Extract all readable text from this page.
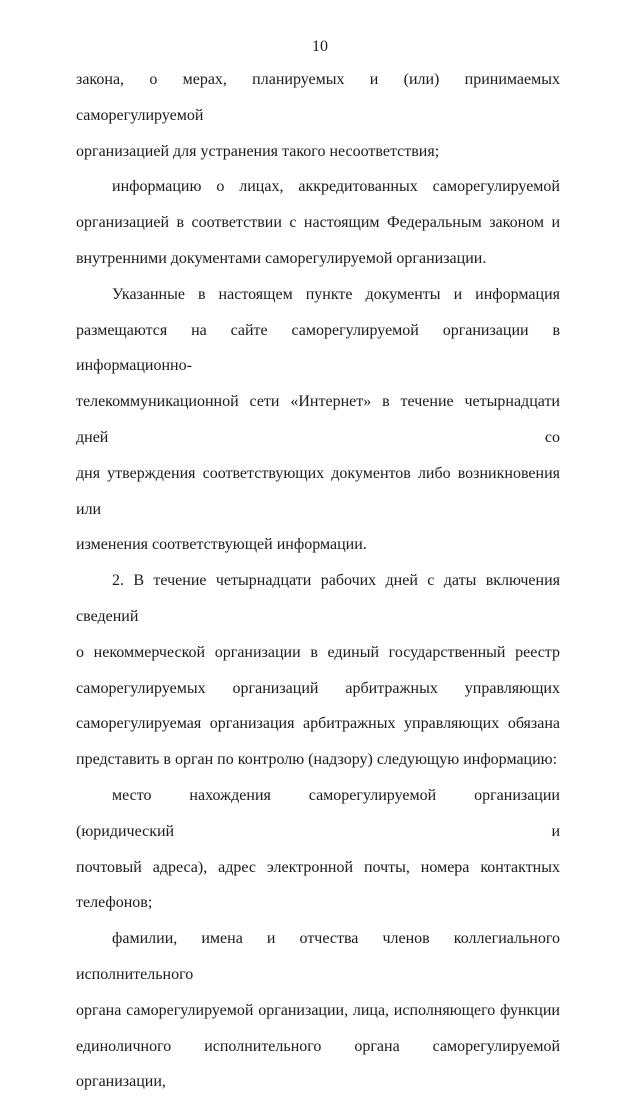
10

закона, о мерах, планируемых и (или) принимаемых саморегулируемой

организацией для устранения такого несоответствия;

информацию о лицах, аккредитованных саморегулируемой

организацией в соответствии с настоящим Федеральным законом и

внутренними документами саморегулируемой организации.

Указанные в настоящем пункте документы и информация

размещаются на сайте саморегулируемой организации в информационно-

телекоммуникационной сети «Интернет» в течение четырнадцати дней со

дня утверждения соответствующих документов либо возникновения или

изменения соответствующей информации.

2. В течение четырнадцати рабочих дней с даты включения сведений

о некоммерческой организации в единый государственный реестр

саморегулируемых организаций арбитражных управляющих

саморегулируемая организация арбитражных управляющих обязана

представить в орган по контролю (надзору) следующую информацию:

место нахождения саморегулируемой организации (юридический и

почтовый адреса), адрес электронной почты, номера контактных

телефонов;

фамилии, имена и отчества членов коллегиального исполнительного

органа саморегулируемой организации, лица, исполняющего функции

единоличного исполнительного органа саморегулируемой организации,
